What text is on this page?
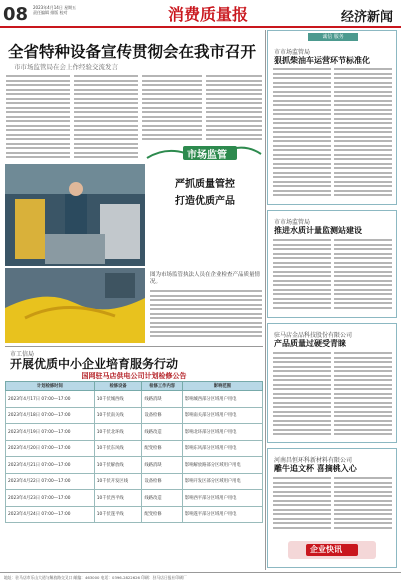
08 2023年4月14日 星期五
责任编辑 排版 校对	消费质量报	经济新闻
全省特种设备宣传贯彻会在我市召开
市市场监管局在会上作经验交流发言
市场监管
严抓质量管控
打造优质产品
图为市场监管执法人员在企业检查产品质量情况。
市工信局
开展优质中小企业培育服务行动
国网驻马店供电公司计划检修公告
计划检修时间	检修设备	检修工作内容	影响范围
2023年4月17日 07:00—17:00	10千伏城西线	线路消缺	影响城西部分区域用户用电
2023年4月18日 07:00—17:00	10千伏南关线	设备检修	影响南关部分区域用户用电
2023年4月19日 07:00—17:00	10千伏北环线	线路改造	影响北环部分区域用户用电
2023年4月20日 07:00—17:00	10千伏东风线	配变检修	影响东风部分区域用户用电
2023年4月21日 07:00—17:00	10千伏解放线	线路消缺	影响解放路部分区域用户用电
2023年4月22日 07:00—17:00	10千伏开发区线	设备检修	影响开发区部分区域用户用电
2023年4月23日 07:00—17:00	10千伏西平线	线路改造	影响西平部分区域用户用电
2023年4月24日 07:00—17:00	10千伏遂平线	配变检修	影响遂平部分区域用户用电
诚信 服务
市市场监管局
狠抓柴油车运营环节标准化
市市场监管局
推进水质计量监测站建设
驻马店金品科技股份有限公司
产品质量过硬受青睐
河南昌恒环科新材料有限公司
雕牛追文杯 喜摘桃入心
企业快讯
地址：驻马店市乐山大道与解放路交叉口 邮编：463000 电话：0396-2822626 印刷：驻马店日报社印刷厂
